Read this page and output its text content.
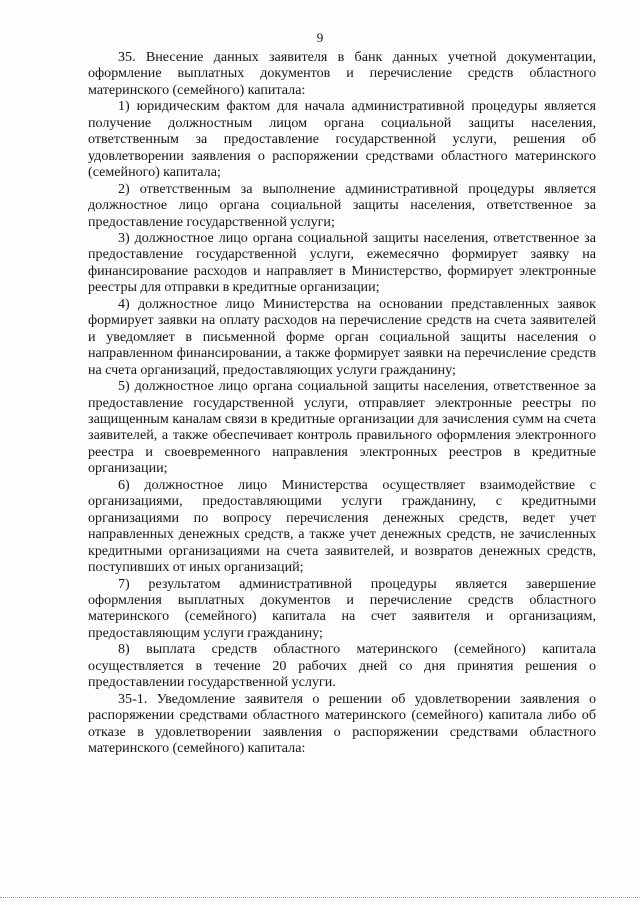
9

35. Внесение данных заявителя в банк данных учетной документации, оформление выплатных документов и перечисление средств областного материнского (семейного) капитала:

1) юридическим фактом для начала административной процедуры является получение должностным лицом органа социальной защиты населения, ответственным за предоставление государственной услуги, решения об удовлетворении заявления о распоряжении средствами областного материнского (семейного) капитала;

2) ответственным за выполнение административной процедуры является должностное лицо органа социальной защиты населения, ответственное за предоставление государственной услуги;

3) должностное лицо органа социальной защиты населения, ответственное за предоставление государственной услуги, ежемесячно формирует заявку на финансирование расходов и направляет в Министерство, формирует электронные реестры для отправки в кредитные организации;

4) должностное лицо Министерства на основании представленных заявок формирует заявки на оплату расходов на перечисление средств на счета заявителей и уведомляет в письменной форме орган социальной защиты населения о направленном финансировании, а также формирует заявки на перечисление средств на счета организаций, предоставляющих услуги гражданину;

5) должностное лицо органа социальной защиты населения, ответственное за предоставление государственной услуги, отправляет электронные реестры по защищенным каналам связи в кредитные организации для зачисления сумм на счета заявителей, а также обеспечивает контроль правильного оформления электронного реестра и своевременного направления электронных реестров в кредитные организации;

6) должностное лицо Министерства осуществляет взаимодействие с организациями, предоставляющими услуги гражданину, с кредитными организациями по вопросу перечисления денежных средств, ведет учет направленных денежных средств, а также учет денежных средств, не зачисленных кредитными организациями на счета заявителей, и возвратов денежных средств, поступивших от иных организаций;

7) результатом административной процедуры является завершение оформления выплатных документов и перечисление средств областного материнского (семейного) капитала на счет заявителя и организациям, предоставляющим услуги гражданину;

8) выплата средств областного материнского (семейного) капитала осуществляется в течение 20 рабочих дней со дня принятия решения о предоставлении государственной услуги.

35-1. Уведомление заявителя о решении об удовлетворении заявления о распоряжении средствами областного материнского (семейного) капитала либо об отказе в удовлетворении заявления о распоряжении средствами областного материнского (семейного) капитала:
